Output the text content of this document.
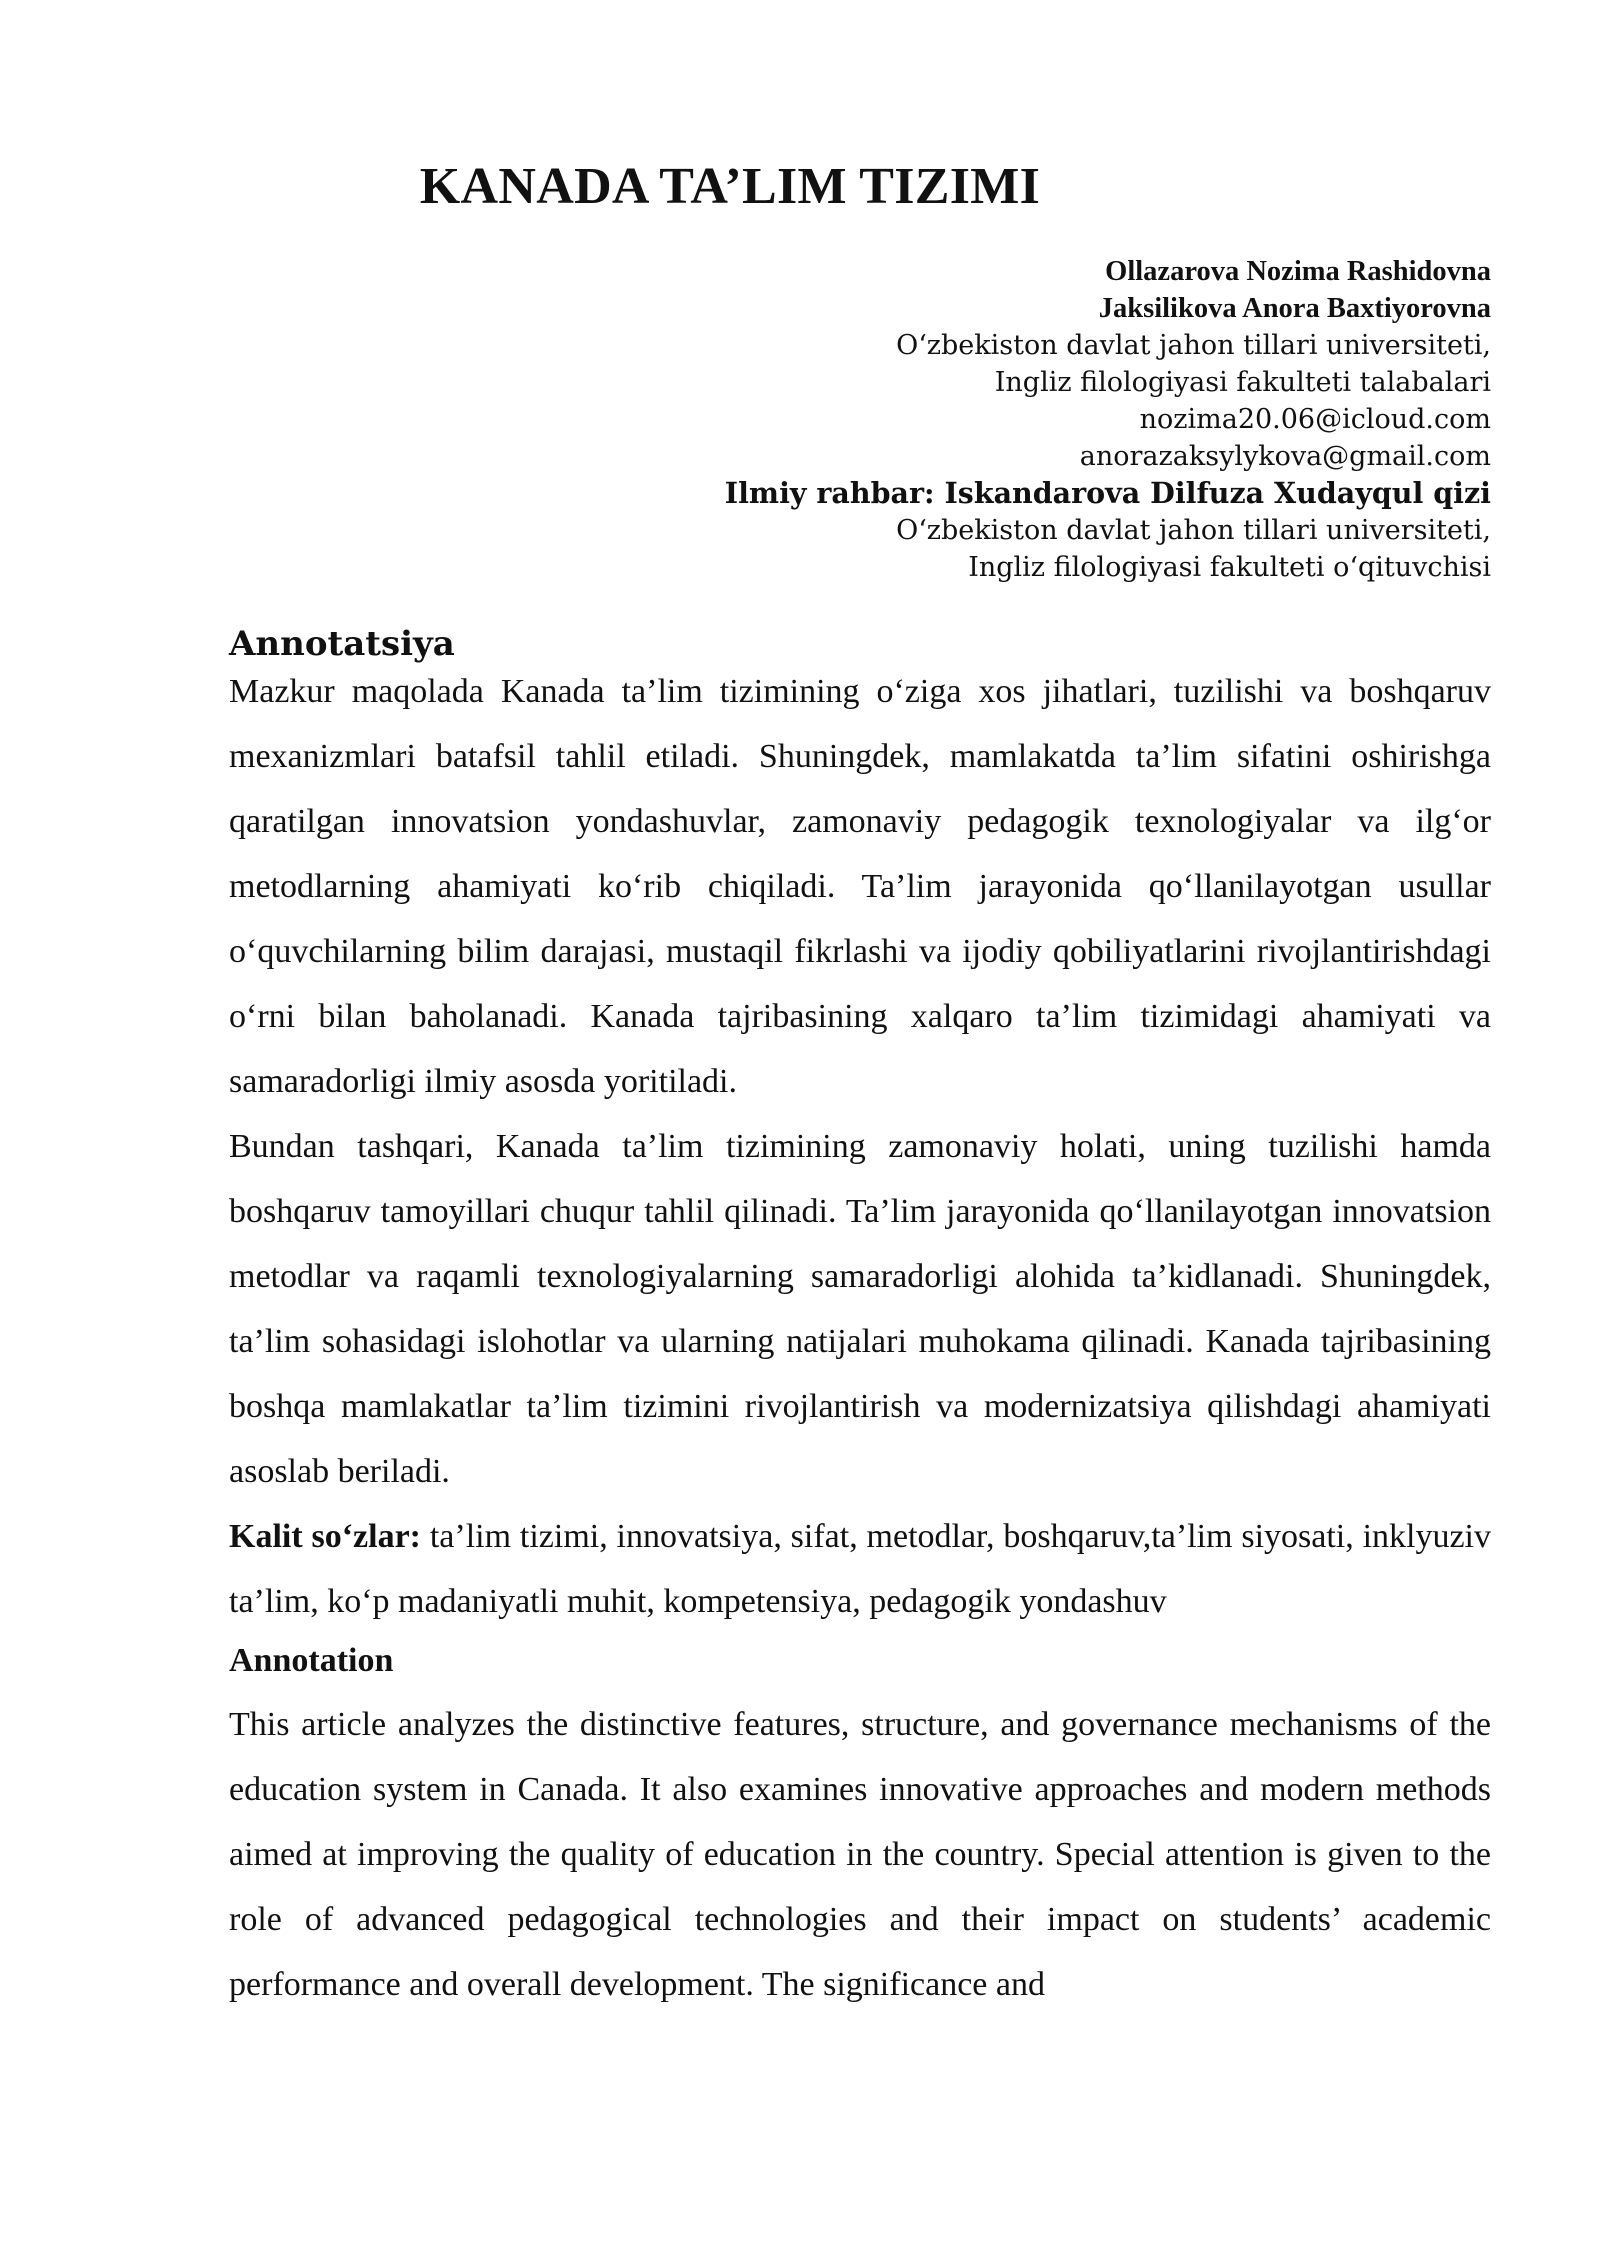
KANADA TA’LIM TIZIMI
Ollazarova Nozima Rashidovna
Jaksilikova Anora Baxtiyorovna
O‘zbekiston davlat jahon tillari universiteti,
Ingliz filologiyasi fakulteti talabalari
nozima20.06@icloud.com
anorazaksylykova@gmail.com
Ilmiy rahbar: Iskandarova Dilfuza Xudayqul qizi
O‘zbekiston davlat jahon tillari universiteti,
Ingliz filologiyasi fakulteti o‘qituvchisi
Annotatsiya

Mazkur maqolada Kanada ta’lim tizimining o‘ziga xos jihatlari, tuzilishi va boshqaruv mexanizmlari batafsil tahlil etiladi. Shuningdek, mamlakatda ta’lim sifatini oshirishga qaratilgan innovatsion yondashuvlar, zamonaviy pedagogik texnologiyalar va ilg‘or metodlarning ahamiyati ko‘rib chiqiladi. Ta’lim jarayonida qo‘llanilayotgan usullar o‘quvchilarning bilim darajasi, mustaqil fikrlashi va ijodiy qobiliyatlarini rivojlantirishdagi o‘rni bilan baholanadi. Kanada tajribasining xalqaro ta’lim tizimidagi ahamiyati va samaradorligi ilmiy asosda yoritiladi.

Bundan tashqari, Kanada ta’lim tizimining zamonaviy holati, uning tuzilishi hamda boshqaruv tamoyillari chuqur tahlil qilinadi. Ta’lim jarayonida qo‘llanilayotgan innovatsion metodlar va raqamli texnologiyalarning samaradorligi alohida ta’kidlanadi. Shuningdek, ta’lim sohasidagi islohotlar va ularning natijalari muhokama qilinadi. Kanada tajribasining boshqa mamlakatlar ta’lim tizimini rivojlantirish va modernizatsiya qilishdagi ahamiyati asoslab beriladi.

Kalit so‘zlar: ta’lim tizimi, innovatsiya, sifat, metodlar, boshqaruv,ta’lim siyosati, inklyuziv ta’lim, ko‘p madaniyatli muhit, kompetensiya, pedagogik yondashuv

Annotation

This article analyzes the distinctive features, structure, and governance mechanisms of the education system in Canada. It also examines innovative approaches and modern methods aimed at improving the quality of education in the country. Special attention is given to the role of advanced pedagogical technologies and their impact on students’ academic performance and overall development. The significance and
